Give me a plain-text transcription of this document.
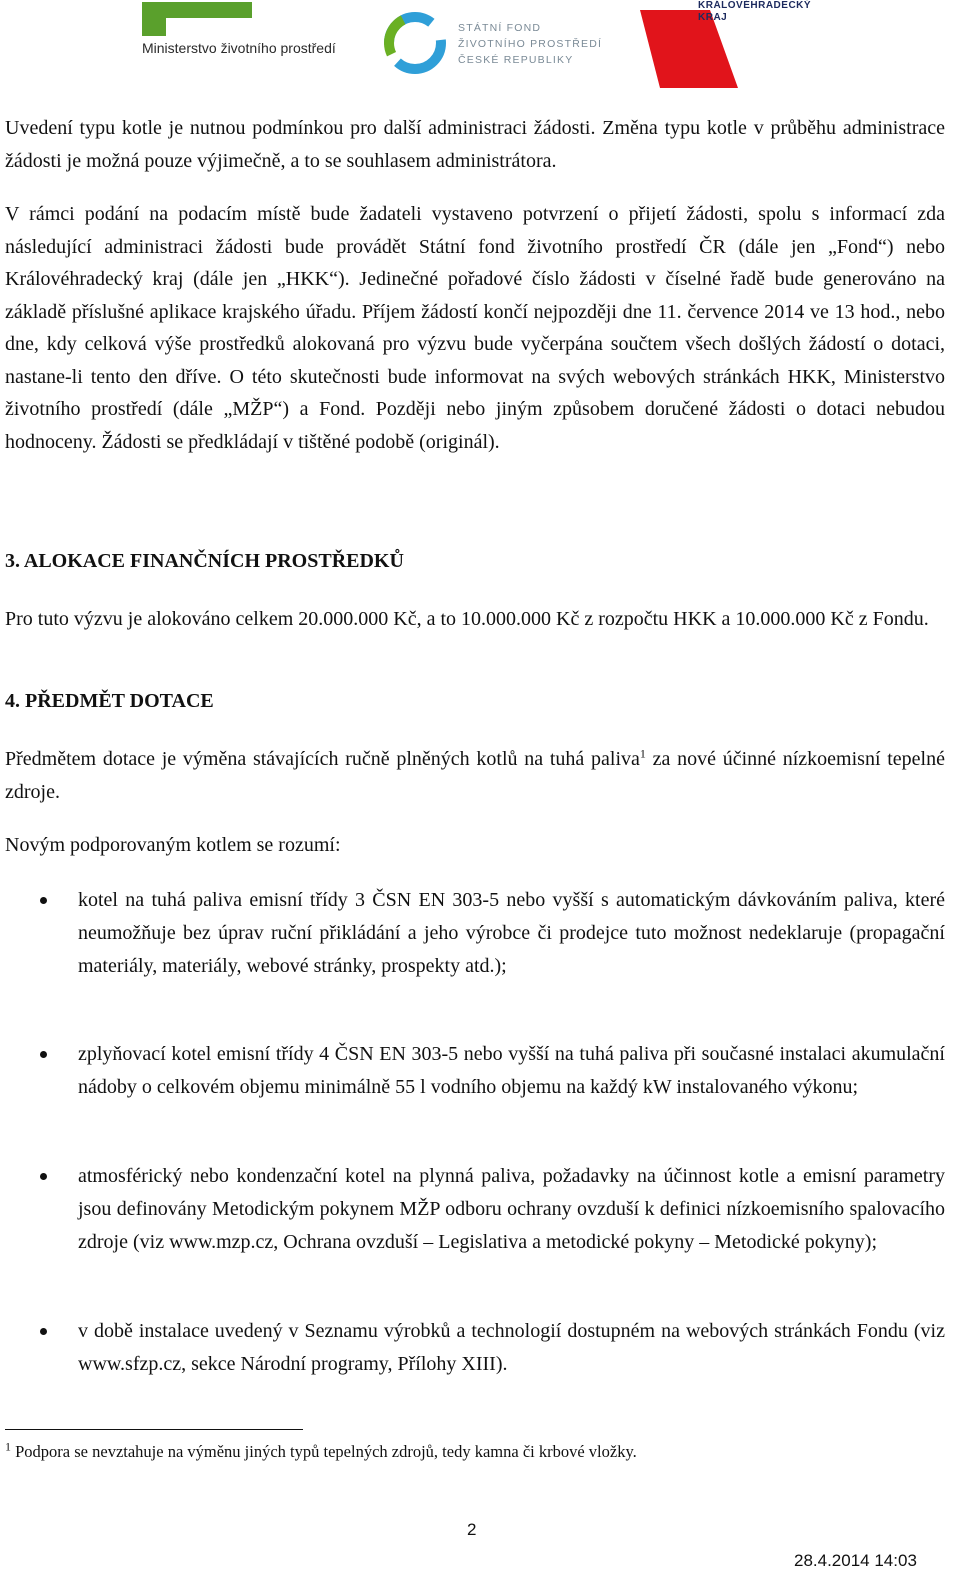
Ministerstvo životního prostředí
STÁTNÍ FOND
ŽIVOTNÍHO PROSTŘEDÍ
ČESKÉ REPUBLIKY
KRÁLOVÉHRADECKÝ
KRAJ

Uvedení typu kotle je nutnou podmínkou pro další administraci žádosti. Změna typu kotle v průběhu administrace žádosti je možná pouze výjimečně, a to se souhlasem administrátora.

V rámci podání na podacím místě bude žadateli vystaveno potvrzení o přijetí žádosti, spolu s informací zda následující administraci žádosti bude provádět Státní fond životního prostředí ČR (dále jen „Fond“) nebo Královéhradecký kraj (dále jen „HKK“). Jedinečné pořadové číslo žádosti v číselné řadě bude generováno na základě příslušné aplikace krajského úřadu. Příjem žádostí končí nejpozději dne 11. července 2014 ve 13 hod., nebo dne, kdy celková výše prostředků alokovaná pro výzvu bude vyčerpána součtem všech došlých žádostí o dotaci, nastane-li tento den dříve. O této skutečnosti bude informovat na svých webových stránkách HKK, Ministerstvo životního prostředí (dále „MŽP“) a Fond. Později nebo jiným způsobem doručené žádosti o dotaci nebudou hodnoceny. Žádosti se předkládají v tištěné podobě (originál).

3. ALOKACE FINANČNÍCH PROSTŘEDKŮ

Pro tuto výzvu je alokováno celkem 20.000.000 Kč, a to 10.000.000 Kč z rozpočtu HKK a 10.000.000 Kč z Fondu.

4. PŘEDMĚT DOTACE

Předmětem dotace je výměna stávajících ručně plněných kotlů na tuhá paliva$^1$ za nové účinné nízkoemisní tepelné zdroje.

Novým podporovaným kotlem se rozumí:

kotel na tuhá paliva emisní třídy 3 ČSN EN 303-5 nebo vyšší s automatickým dávkováním paliva, které neumožňuje bez úprav ruční přikládání a jeho výrobce či prodejce tuto možnost nedeklaruje (propagační materiály, materiály, webové stránky, prospekty atd.);
zplyňovací kotel emisní třídy 4 ČSN EN 303-5 nebo vyšší na tuhá paliva při současné instalaci akumulační nádoby o celkovém objemu minimálně 55 l vodního objemu na každý kW instalovaného výkonu;
atmosférický nebo kondenzační kotel na plynná paliva, požadavky na účinnost kotle a emisní parametry jsou definovány Metodickým pokynem MŽP odboru ochrany ovzduší k definici nízkoemisního spalovacího zdroje (viz www.mzp.cz, Ochrana ovzduší – Legislativa a metodické pokyny – Metodické pokyny);
v době instalace uvedený v Seznamu výrobků a technologií dostupném na webových stránkách Fondu (viz www.sfzp.cz, sekce Národní programy, Přílohy XIII).
$^1$ Podpora se nevztahuje na výměnu jiných typů tepelných zdrojů, tedy kamna či krbové vložky.
2
28.4.2014 14:03
